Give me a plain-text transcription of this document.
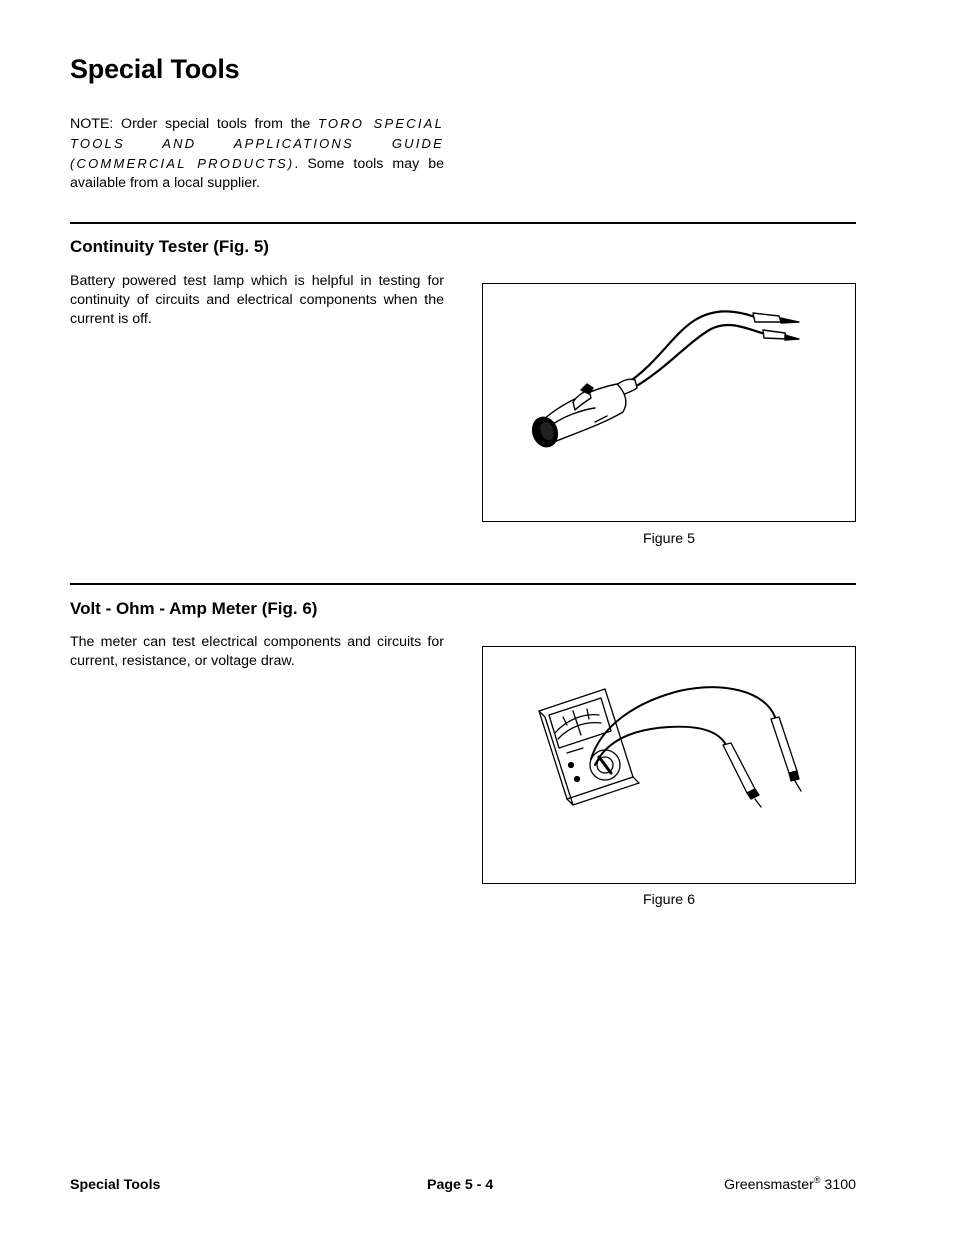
Special Tools

NOTE: Order special tools from the TORO SPECIAL TOOLS AND APPLICATIONS GUIDE (COMMERCIAL PRODUCTS). Some tools may be available from a local supplier.

Continuity Tester (Fig. 5)

Battery powered test lamp which is helpful in testing for continuity of circuits and electrical components when the current is off.

Figure 5

Volt - Ohm - Amp Meter (Fig. 6)

The meter can test electrical components and circuits for current, resistance, or voltage draw.

Figure 6

Special Tools	Page 5 - 4	Greensmaster® 3100
